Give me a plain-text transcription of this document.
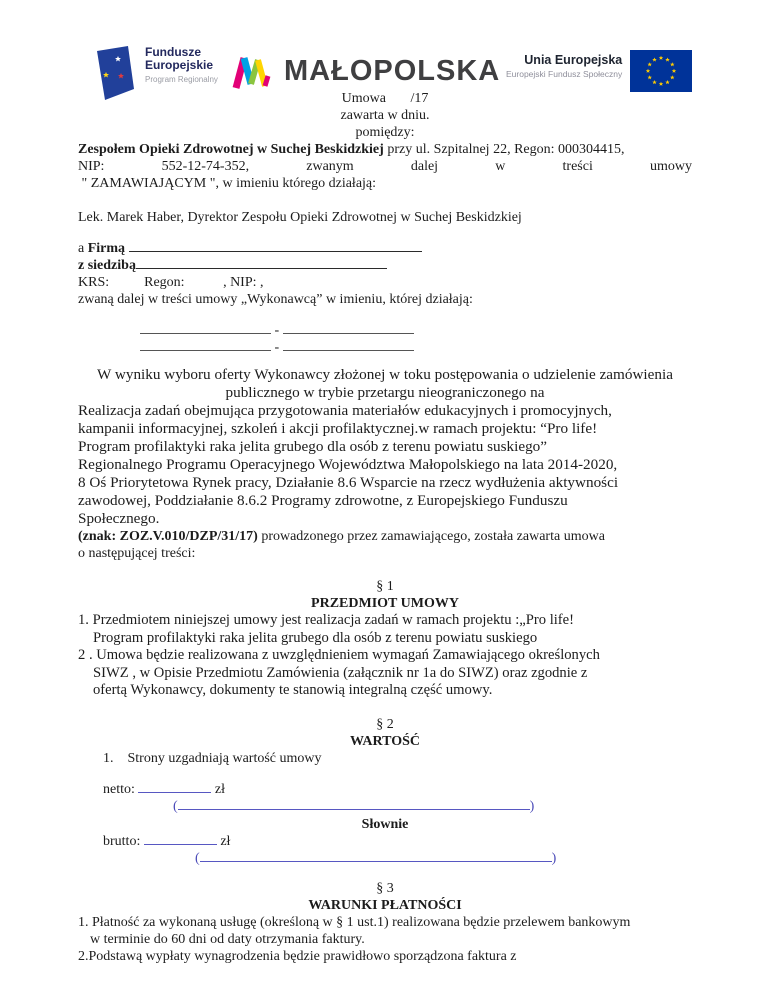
Fundusze
Europejskie
Program Regionalny MAŁOPOLSKA	Unia Europejska
Europejski Fundusz Społeczny
Umowa       /17
zawarta w dniu.
pomiędzy:
Zespołem Opieki Zdrowotnej w Suchej Beskidzkiej przy ul. Szpitalnej 22, Regon: 000304415,
NIP:	552-12-74-352,	zwanym	dalej	w	treści	umowy
" ZAMAWIAJĄCYM ", w imieniu którego działają:
Lek. Marek Haber, Dyrektor Zespołu Opieki Zdrowotnej w Suchej Beskidzkiej
a Firmą
z siedzibą
KRS:          Regon:           , NIP: ,
zwaną dalej w treści umowy „Wykonawcą” w imieniu, której działają:
-
-
W wyniku wyboru oferty Wykonawcy złożonej w toku postępowania o udzielenie zamówienia
publicznego w trybie przetargu nieograniczonego na
Realizacja zadań obejmująca przygotowania materiałów edukacyjnych i promocyjnych,
kampanii informacyjnej, szkoleń i akcji profilaktycznej.w ramach projektu: “Pro life!
Program profilaktyki raka jelita grubego dla osób z terenu powiatu suskiego”
Regionalnego Programu Operacyjnego Województwa Małopolskiego na lata 2014-2020,
8 Oś Priorytetowa Rynek pracy, Działanie 8.6 Wsparcie na rzecz wydłużenia aktywności
zawodowej, Poddziałanie 8.6.2 Programy zdrowotne, z Europejskiego Funduszu
Społecznego.
(znak: ZOZ.V.010/DZP/31/17) prowadzonego przez zamawiającego, została zawarta umowa
o następującej treści:
§ 1
PRZEDMIOT UMOWY
1. Przedmiotem niniejszej umowy jest realizacja zadań w ramach projektu :„Pro life!
Program profilaktyki raka jelita grubego dla osób z terenu powiatu suskiego
2 . Umowa będzie realizowana z uwzględnieniem wymagań Zamawiającego określonych
SIWZ , w Opisie Przedmiotu Zamówienia (załącznik nr 1a do SIWZ) oraz zgodnie z
ofertą Wykonawcy, dokumenty te stanowią integralną część umowy.
§ 2
WARTOŚĆ
1.    Strony uzgadniają wartość umowy
netto:	zł
(	)
Słownie
brutto:	zł
(	)
§ 3
WARUNKI PŁATNOŚCI
1. Płatność za wykonaną usługę (określoną w § 1 ust.1) realizowana będzie przelewem bankowym
w terminie do 60 dni od daty otrzymania faktury.
2.Podstawą wypłaty wynagrodzenia będzie prawidłowo sporządzona faktura z
